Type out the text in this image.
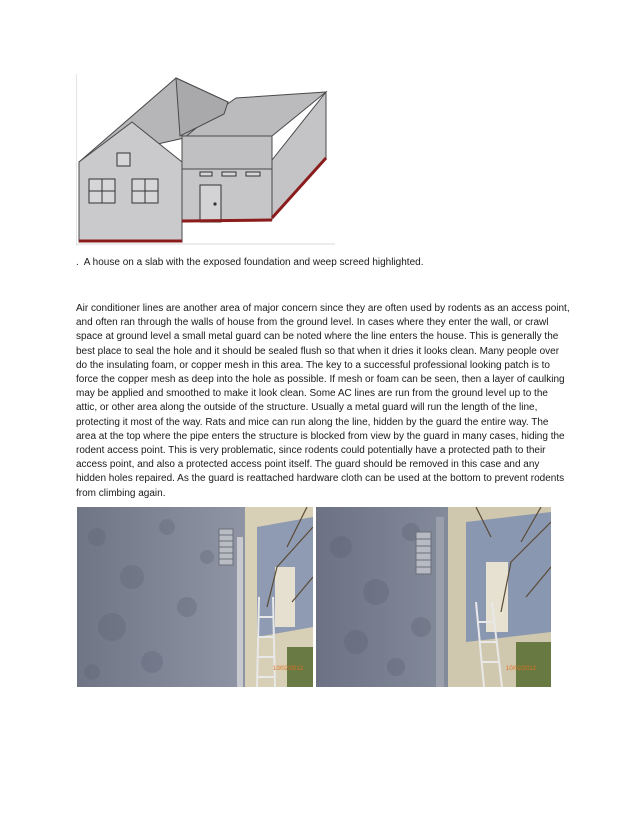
.  A house on a slab with the exposed foundation and weep screed highlighted.

Air conditioner lines are another area of major concern since they are often used by rodents as an access point, and often ran through the walls of house from the ground level. In cases where they enter the wall, or crawl space at ground level a small metal guard can be noted where the line enters the house. This is generally the best place to seal the hole and it should be sealed flush so that when it dries it looks clean. Many people over do the insulating foam, or copper mesh in this area. The key to a successful professional looking patch is to force the copper mesh as deep into the hole as possible. If mesh or foam can be seen, then a layer of caulking may be applied and smoothed to make it look clean. Some AC lines are run from the ground level up to the attic, or other area along the outside of the structure. Usually a metal guard will run the length of the line, protecting it most of the way. Rats and mice can run along the line, hidden by the guard the entire way. The area at the top where the pipe enters the structure is blocked from view by the guard in many cases, hiding the rodent access point. This is very problematic, since rodents could potentially have a protected path to their access point, and also a protected access point itself. The guard should be removed in this case and any hidden holes repaired. As the guard is reattached hardware cloth can be used at the bottom to prevent rodents from climbing again.

10/02/2012	10/02/2012
